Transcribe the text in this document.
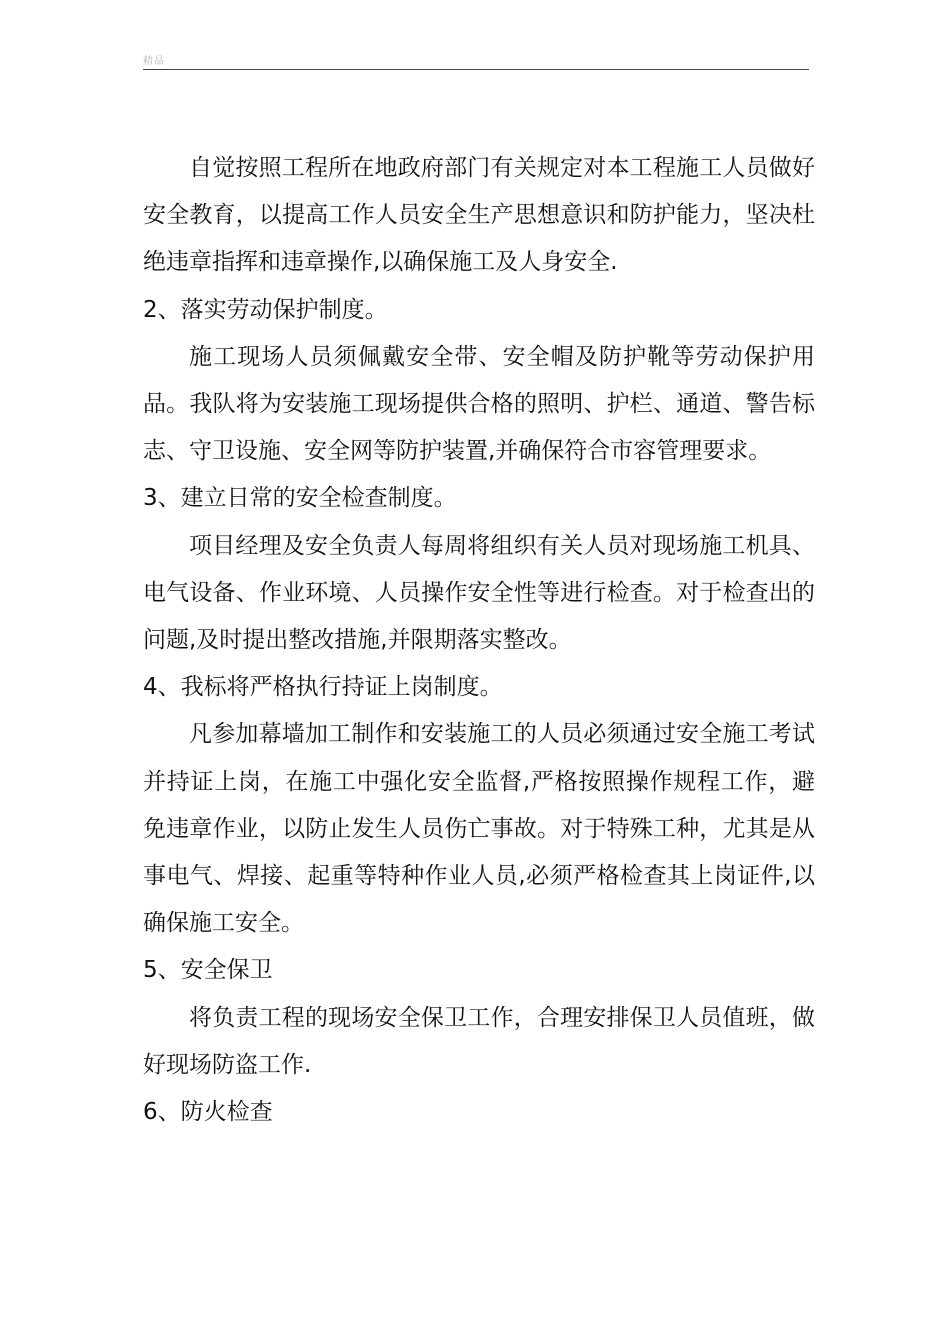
精品

自觉按照工程所在地政府部门有关规定对本工程施工人员做好安全教育，以提高工作人员安全生产思想意识和防护能力，坚决杜绝违章指挥和违章操作,以确保施工及人身安全.

2、落实劳动保护制度。

施工现场人员须佩戴安全带、安全帽及防护靴等劳动保护用品。我队将为安装施工现场提供合格的照明、护栏、通道、警告标志、守卫设施、安全网等防护装置,并确保符合市容管理要求。

3、建立日常的安全检查制度。

项目经理及安全负责人每周将组织有关人员对现场施工机具、电气设备、作业环境、人员操作安全性等进行检查。对于检查出的问题,及时提出整改措施,并限期落实整改。

4、我标将严格执行持证上岗制度。

凡参加幕墙加工制作和安装施工的人员必须通过安全施工考试并持证上岗，在施工中强化安全监督,严格按照操作规程工作，避免违章作业，以防止发生人员伤亡事故。对于特殊工种，尤其是从事电气、焊接、起重等特种作业人员,必须严格检查其上岗证件,以确保施工安全。

5、安全保卫

将负责工程的现场安全保卫工作，合理安排保卫人员值班，做好现场防盗工作.

6、防火检查
